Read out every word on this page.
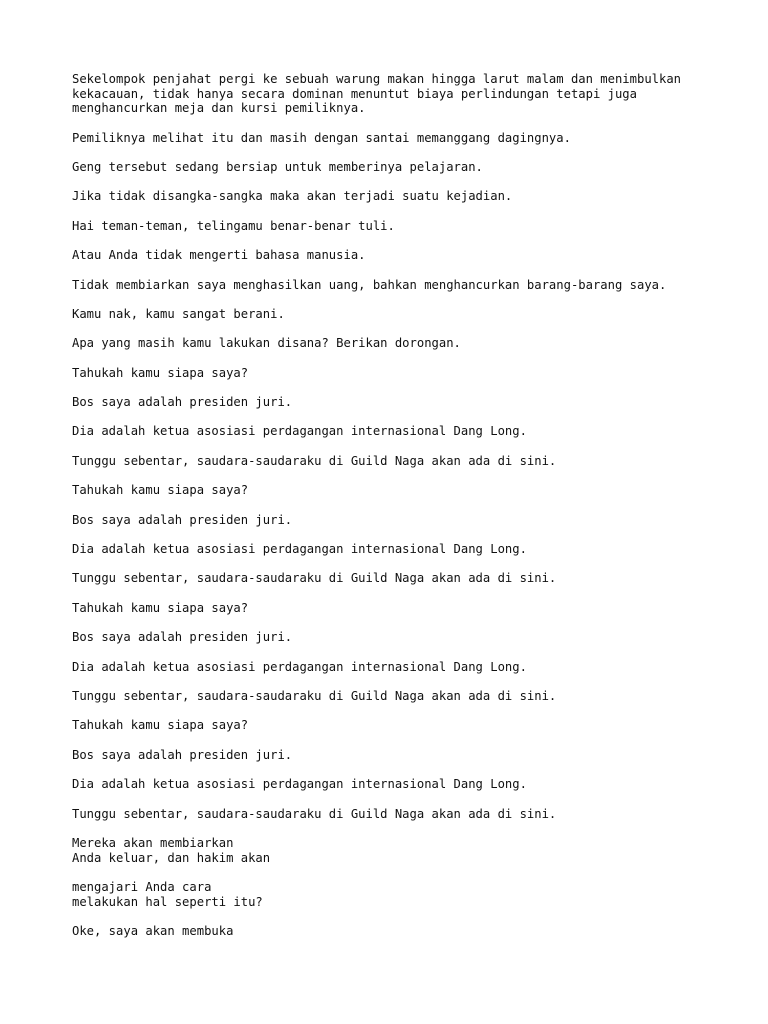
Sekelompok penjahat pergi ke sebuah warung makan hingga larut malam dan menimbulkan
kekacauan, tidak hanya secara dominan menuntut biaya perlindungan tetapi juga
menghancurkan meja dan kursi pemiliknya.

Pemiliknya melihat itu dan masih dengan santai memanggang dagingnya.

Geng tersebut sedang bersiap untuk memberinya pelajaran.

Jika tidak disangka-sangka maka akan terjadi suatu kejadian.

Hai teman-teman, telingamu benar-benar tuli.

Atau Anda tidak mengerti bahasa manusia.

Tidak membiarkan saya menghasilkan uang, bahkan menghancurkan barang-barang saya.

Kamu nak, kamu sangat berani.

Apa yang masih kamu lakukan disana? Berikan dorongan.

Tahukah kamu siapa saya?

Bos saya adalah presiden juri.

Dia adalah ketua asosiasi perdagangan internasional Dang Long.

Tunggu sebentar, saudara-saudaraku di Guild Naga akan ada di sini.

Tahukah kamu siapa saya?

Bos saya adalah presiden juri.

Dia adalah ketua asosiasi perdagangan internasional Dang Long.

Tunggu sebentar, saudara-saudaraku di Guild Naga akan ada di sini.

Tahukah kamu siapa saya?

Bos saya adalah presiden juri.

Dia adalah ketua asosiasi perdagangan internasional Dang Long.

Tunggu sebentar, saudara-saudaraku di Guild Naga akan ada di sini.

Tahukah kamu siapa saya?

Bos saya adalah presiden juri.

Dia adalah ketua asosiasi perdagangan internasional Dang Long.

Tunggu sebentar, saudara-saudaraku di Guild Naga akan ada di sini.

Mereka akan membiarkan
Anda keluar, dan hakim akan

mengajari Anda cara
melakukan hal seperti itu?

Oke, saya akan membuka
